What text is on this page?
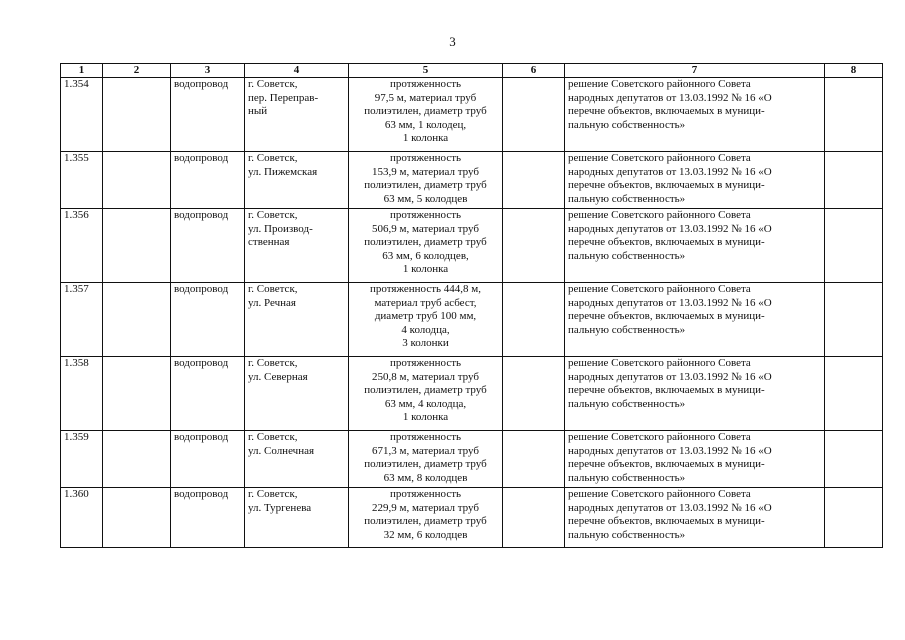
3
1	2	3	4	5	6	7	8
1.354		водопровод	г. Советск,
пер. Переправ-
ный	протяженность
97,5 м, материал труб
полиэтилен, диаметр труб
63 мм, 1 колодец,
1 колонка		решение Советского районного Совета
народных депутатов от 13.03.1992 № 16 «О
перечне объектов, включаемых в муници-
пальную собственность»	

1.355		водопровод	г. Советск,
ул. Пижемская	протяженность
153,9 м, материал труб
полиэтилен, диаметр труб
63 мм, 5 колодцев		решение Советского районного Совета
народных депутатов от 13.03.1992 № 16 «О
перечне объектов, включаемых в муници-
пальную собственность»	

1.356		водопровод	г. Советск,
ул. Производ-
ственная	протяженность
506,9 м, материал труб
полиэтилен, диаметр труб
63 мм, 6 колодцев,
1 колонка		решение Советского районного Совета
народных депутатов от 13.03.1992 № 16 «О
перечне объектов, включаемых в муници-
пальную собственность»	

1.357		водопровод	г. Советск,
ул. Речная	протяженность 444,8 м,
материал труб асбест,
диаметр труб 100 мм,
4 колодца,
3 колонки		решение Советского районного Совета
народных депутатов от 13.03.1992 № 16 «О
перечне объектов, включаемых в муници-
пальную собственность»	

1.358		водопровод	г. Советск,
ул. Северная	протяженность
250,8 м, материал труб
полиэтилен, диаметр труб
63 мм, 4 колодца,
1 колонка		решение Советского районного Совета
народных депутатов от 13.03.1992 № 16 «О
перечне объектов, включаемых в муници-
пальную собственность»	

1.359		водопровод	г. Советск,
ул. Солнечная	протяженность
671,3 м, материал труб
полиэтилен, диаметр труб
63 мм, 8 колодцев		решение Советского районного Совета
народных депутатов от 13.03.1992 № 16 «О
перечне объектов, включаемых в муници-
пальную собственность»	

1.360		водопровод	г. Советск,
ул. Тургенева	протяженность
229,9 м, материал труб
полиэтилен, диаметр труб
32 мм, 6 колодцев		решение Советского районного Совета
народных депутатов от 13.03.1992 № 16 «О
перечне объектов, включаемых в муници-
пальную собственность»	
